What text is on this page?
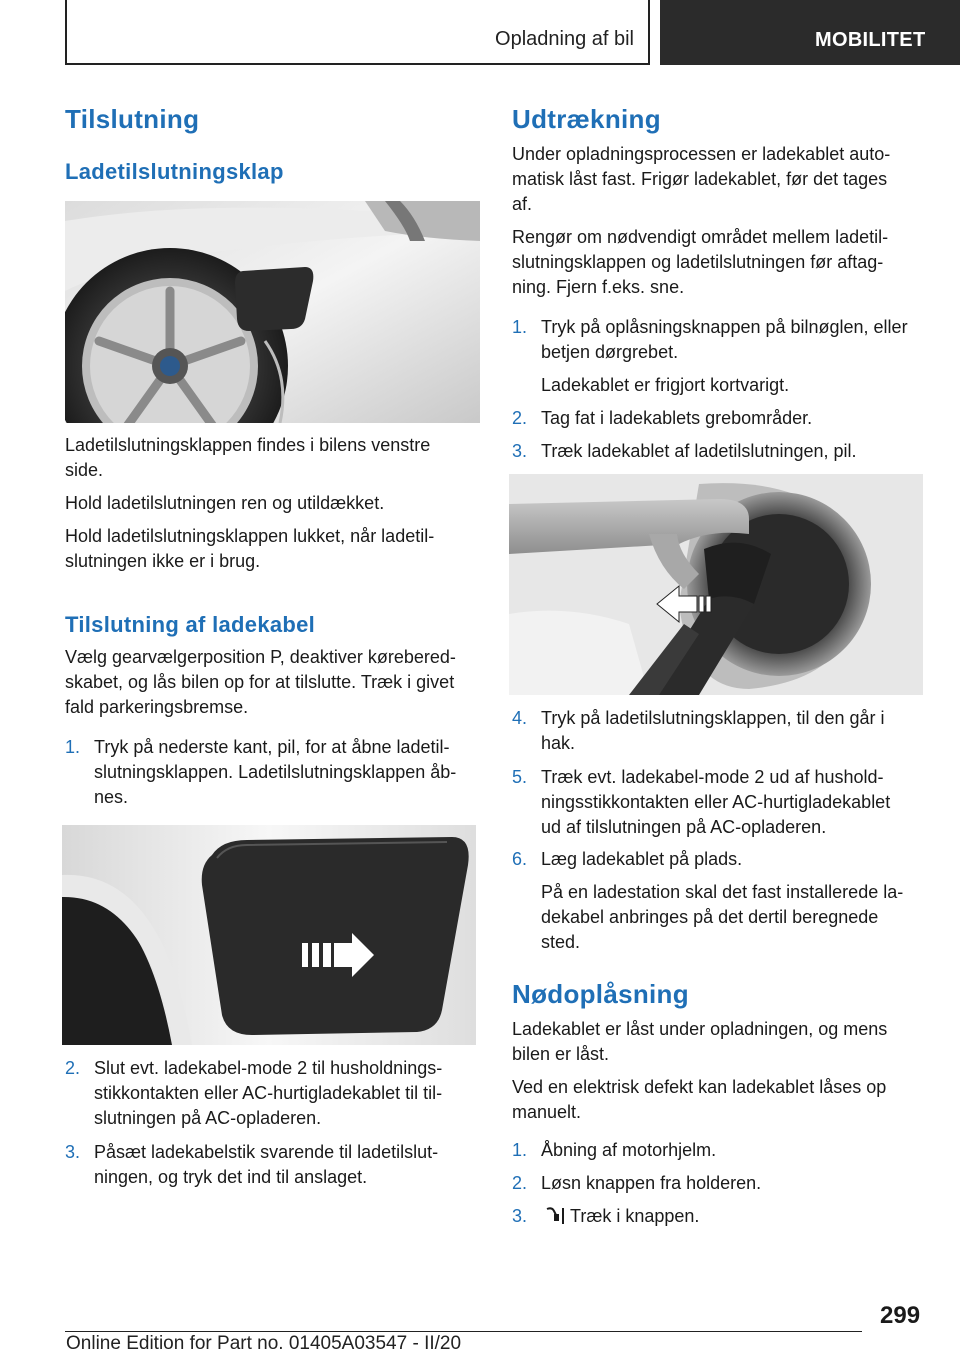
Opladning af bil	MOBILITET
Tilslutning
Ladetilslutningsklap

Ladetilslutningsklappen findes i bilens venstre

side.

Hold ladetilslutningen ren og utildækket.

Hold ladetilslutningsklappen lukket, når ladetil‐

slutningen ikke er i brug.

Tilslutning af ladekabel

Vælg gearvælgerposition P, deaktiver kørebered‐

skabet, og lås bilen op for at tilslutte. Træk i givet

fald parkeringsbremse.

1. Tryk på nederste kant, pil, for at åbne ladetil‐
slutningsklappen. Ladetilslutningsklappen åb‐
nes.
2. Slut evt. ladekabel-mode 2 til husholdnings‐
stikkontakten eller AC-hurtigladekablet til til‐
slutningen på AC-opladeren.
3. Påsæt ladekabelstik svarende til ladetilslut‐
ningen, og tryk det ind til anslaget.
Udtrækning

Under opladningsprocessen er ladekablet auto‐

matisk låst fast. Frigør ladekablet, før det tages

af.

Rengør om nødvendigt området mellem ladetil‐

slutningsklappen og ladetilslutningen før aftag‐

ning. Fjern f.eks. sne.

1. Tryk på oplåsningsknappen på bilnøglen, eller
betjen dørgrebet.
Ladekablet er frigjort kortvarigt.
2. Tag fat i ladekablets grebområder.
3. Træk ladekablet af ladetilslutningen, pil.
4. Tryk på ladetilslutningsklappen, til den går i
hak.
5. Træk evt. ladekabel-mode 2 ud af hushold‐
ningsstikkontakten eller AC-hurtigladekablet
ud af tilslutningen på AC-opladeren.
6. Læg ladekablet på plads.
På en ladestation skal det fast installerede la‐
dekabel anbringes på det dertil beregnede
sted.
Nødoplåsning

Ladekablet er låst under opladningen, og mens

bilen er låst.

Ved en elektrisk defekt kan ladekablet låses op

manuelt.

1. Åbning af motorhjelm.
2. Løsn knappen fra holderen.
3. Træk i knappen.
299
Online Edition for Part no. 01405A03547 - II/20
